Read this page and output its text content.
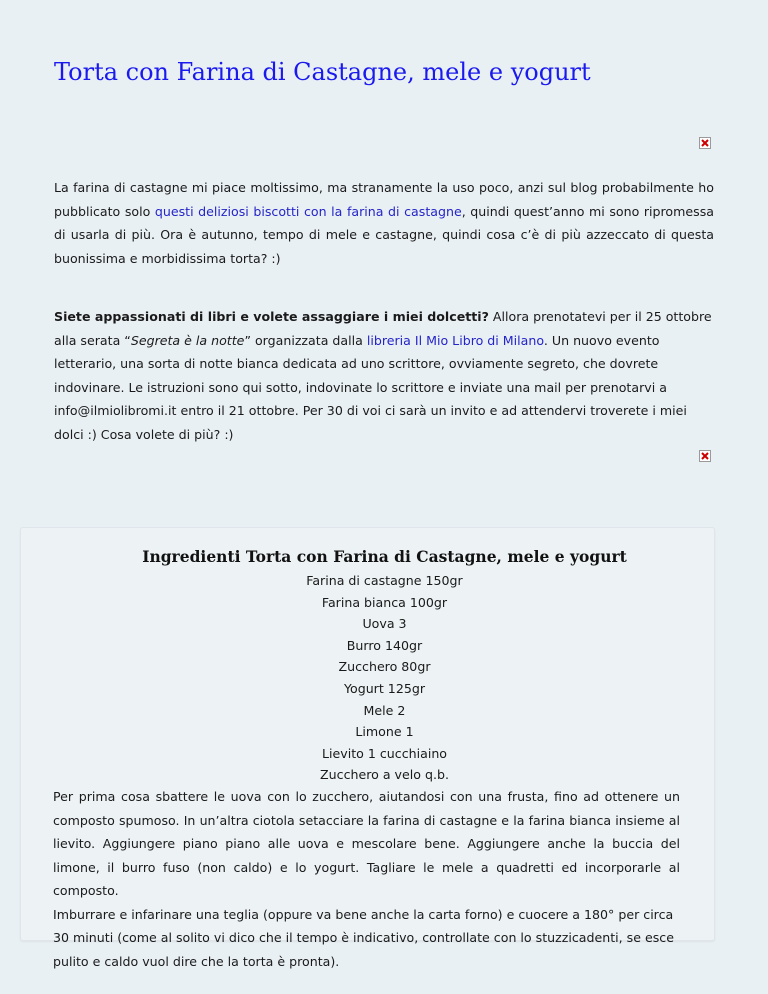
Torta con Farina di Castagne, mele e yogurt

La farina di castagne mi piace moltissimo, ma stranamente la uso poco, anzi sul blog probabilmente ho pubblicato solo questi deliziosi biscotti con la farina di castagne, quindi quest’anno mi sono ripromessa di usarla di più. Ora è autunno, tempo di mele e castagne, quindi cosa c’è di più azzeccato di questa buonissima e morbidissima torta? :)

Siete appassionati di libri e volete assaggiare i miei dolcetti? Allora prenotatevi per il 25 ottobre alla serata “Segreta è la notte” organizzata dalla libreria Il Mio Libro di Milano. Un nuovo evento letterario, una sorta di notte bianca dedicata ad uno scrittore, ovviamente segreto, che dovrete indovinare. Le istruzioni sono qui sotto, indovinate lo scrittore e inviate una mail per prenotarvi a info@ilmiolibromi.it entro il 21 ottobre. Per 30 di voi ci sarà un invito e ad attendervi troverete i miei dolci :) Cosa volete di più? :)

Ingredienti Torta con Farina di Castagne, mele e yogurt
Farina di castagne 150gr
Farina bianca 100gr
Uova 3
Burro 140gr
Zucchero 80gr
Yogurt 125gr
Mele 2
Limone 1
Lievito 1 cucchiaino
Zucchero a velo q.b.

Per prima cosa sbattere le uova con lo zucchero, aiutandosi con una frusta, fino ad ottenere un composto spumoso. In un’altra ciotola setacciare la farina di castagne e la farina bianca insieme al lievito. Aggiungere piano piano alle uova e mescolare bene. Aggiungere anche la buccia del limone, il burro fuso (non caldo) e lo yogurt. Tagliare le mele a quadretti ed incorporarle al composto.

Imburrare e infarinare una teglia (oppure va bene anche la carta forno) e cuocere a 180° per circa 30 minuti (come al solito vi dico che il tempo è indicativo, controllate con lo stuzzicadenti, se esce pulito e caldo vuol dire che la torta è pronta).
